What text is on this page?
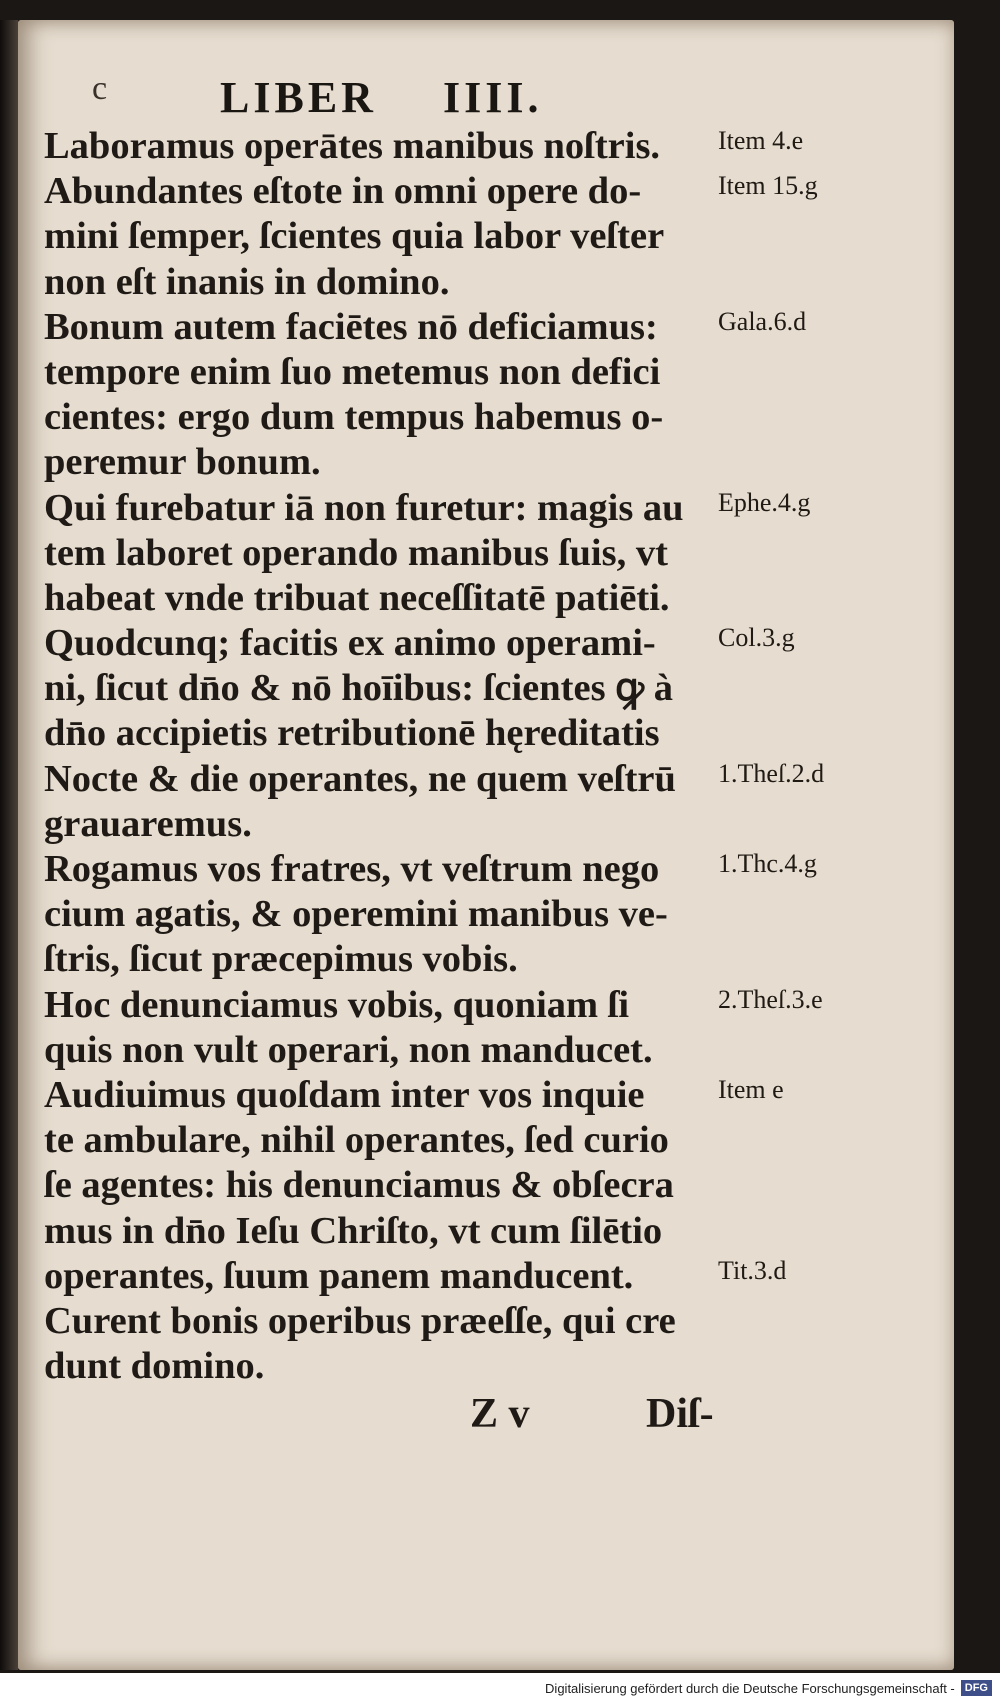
c	LIBER IIII.
Laboramus operātes manibus noſtris.
Abundantes eſtote in omni opere do-
mini ſemper, ſcientes quia labor veſter
non eſt inanis in domino.
Bonum autem faciētes nō deficiamus:
tempore enim ſuo metemus non defici
cientes: ergo dum tempus habemus o-
peremur bonum.
Qui furebatur iā non furetur: magis au
tem laboret operando manibus ſuis, vt
habeat vnde tribuat neceſſitatē patiēti.
Quodcunq; facitis ex animo operami-
ni, ſicut dn̄o & nō hoīibus: ſcientes ꝙ à
dn̄o accipietis retributionē hęreditatis
Nocte & die operantes, ne quem veſtrū
grauaremus.
Rogamus vos fratres, vt veſtrum nego
cium agatis, & operemini manibus ve-
ſtris, ſicut præcepimus vobis.
Hoc denunciamus vobis, quoniam ſi
quis non vult operari, non manducet.
Audiuimus quoſdam inter vos inquie
te ambulare, nihil operantes, ſed curio
ſe agentes: his denunciamus & obſecra
mus in dn̄o Ieſu Chriſto, vt cum ſilētio
operantes, ſuum panem manducent.
Curent bonis operibus præeſſe, qui cre
dunt domino.
Item 4.e
Item 15.g
Gala.6.d
Ephe.4.g
Col.3.g
1.Theſ.2.d
1.Thc.4.g
2.Theſ.3.e
Item e
Tit.3.d
Z v	Diſ-
Digitalisierung gefördert durch die Deutsche Forschungsgemeinschaft - DFG
